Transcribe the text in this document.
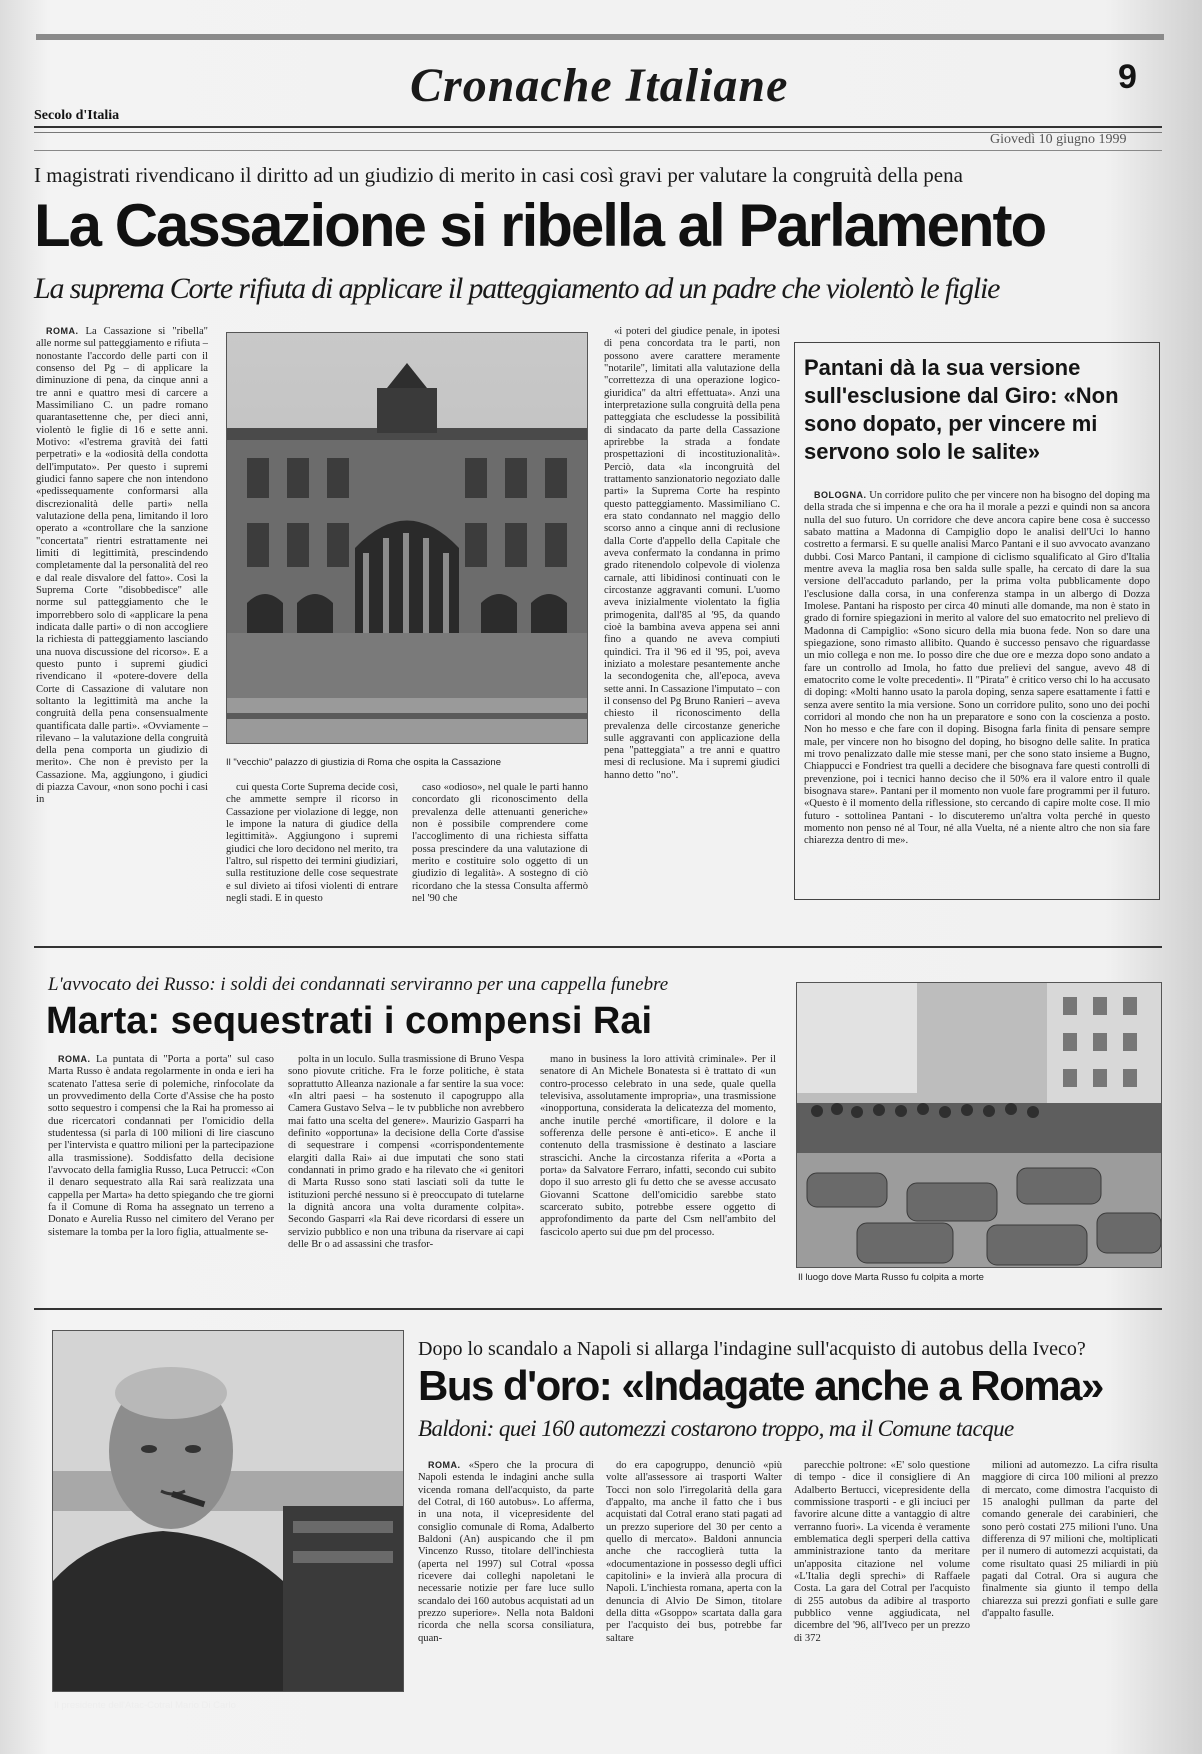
Cronache Italiane	9
Secolo d'Italia
Giovedì 10 giugno 1999
I magistrati rivendicano il diritto ad un giudizio di merito in casi così gravi per valutare la congruità della pena
La Cassazione si ribella al Parlamento
La suprema Corte rifiuta di applicare il patteggiamento ad un padre che violentò le figlie

ROMA. La Cassazione si "ribella" alle norme sul patteggiamento e rifiuta – nonostante l'accordo delle parti con il consenso del Pg – di applicare la diminuzione di pena, da cinque anni a tre anni e quattro mesi di carcere a Massimiliano C. un padre romano quarantasettenne che, per dieci anni, violentò le figlie di 16 e sette anni. Motivo: «l'estrema gravità dei fatti perpetrati» e la «odiosità della condotta dell'imputato». Per questo i supremi giudici fanno sapere che non intendono «pedissequamente conformarsi alla discrezionalità delle parti» nella valutazione della pena, limitando il loro operato a «controllare che la sanzione "concertata" rientri estrattamente nei limiti di legittimità, prescindendo completamente dal la personalità del reo e dal reale disvalore del fatto». Così la Suprema Corte "disobbedisce" alle norme sul patteggiamento che le imporrebbero solo di «applicare la pena indicata dalle parti» o di non accogliere la richiesta di patteggiamento lasciando una nuova discussione del ricorso». E a questo punto i supremi giudici rivendicano il «potere-dovere della Corte di Cassazione di valutare non soltanto la legittimità ma anche la congruità della pena consensualmente quantificata dalle parti». «Ovviamente – rilevano – la valutazione della congruità della pena comporta un giudizio di merito». Che non è previsto per la Cassazione. Ma, aggiungono, i giudici di piazza Cavour, «non sono pochi i casi in

Il "vecchio" palazzo di giustizia di Roma che ospita la Cassazione

cui questa Corte Suprema decide così, che ammette sempre il ricorso in Cassazione per violazione di legge, non le impone la natura di giudice della legittimità». Aggiungono i supremi giudici che loro decidono nel merito, tra l'altro, sul rispetto dei termini giudiziari, sulla restituzione delle cose sequestrate e sul divieto ai tifosi violenti di entrare negli stadi. E in questo

caso «odioso», nel quale le parti hanno concordato gli riconoscimento della prevalenza delle attenuanti generiche» non è possibile comprendere come l'accoglimento di una richiesta siffatta possa prescindere da una valutazione di merito e costituire solo oggetto di un giudizio di legalità». A sostegno di ciò ricordano che la stessa Consulta affermò nel '90 che

«i poteri del giudice penale, in ipotesi di pena concordata tra le parti, non possono avere carattere meramente "notarile", limitati alla valutazione della "correttezza di una operazione logico-giuridica" da altri effettuata». Anzi una interpretazione sulla congruità della pena patteggiata che escludesse la possibilità di sindacato da parte della Cassazione aprirebbe la strada a fondate prospettazioni di incostituzionalità». Perciò, data «la incongruità del trattamento sanzionatorio negoziato dalle parti» la Suprema Corte ha respinto questo patteggiamento. Massimiliano C. era stato condannato nel maggio dello scorso anno a cinque anni di reclusione dalla Corte d'appello della Capitale che aveva confermato la condanna in primo grado ritenendolo colpevole di violenza carnale, atti libidinosi continuati con le circostanze aggravanti comuni. L'uomo aveva inizialmente violentato la figlia primogenita, dall'85 al '95, da quando cioè la bambina aveva appena sei anni fino a quando ne aveva compiuti quindici. Tra il '96 ed il '95, poi, aveva iniziato a molestare pesantemente anche la secondogenita che, all'epoca, aveva sette anni. In Cassazione l'imputato – con il consenso del Pg Bruno Ranieri – aveva chiesto il riconoscimento della prevalenza delle circostanze generiche sulle aggravanti con applicazione della pena "patteggiata" a tre anni e quattro mesi di reclusione. Ma i supremi giudici hanno detto "no".

Pantani dà la sua versione sull'esclusione dal Giro: «Non sono dopato, per vincere mi servono solo le salite»

BOLOGNA. Un corridore pulito che per vincere non ha bisogno del doping ma della strada che si impenna e che ora ha il morale a pezzi e quindi non sa ancora nulla del suo futuro. Un corridore che deve ancora capire bene cosa è successo sabato mattina a Madonna di Campiglio dopo le analisi dell'Uci lo hanno costretto a fermarsi. E su quelle analisi Marco Pantani e il suo avvocato avanzano dubbi. Così Marco Pantani, il campione di ciclismo squalificato al Giro d'Italia mentre aveva la maglia rosa ben salda sulle spalle, ha cercato di dare la sua versione dell'accaduto parlando, per la prima volta pubblicamente dopo l'esclusione dalla corsa, in una conferenza stampa in un albergo di Dozza Imolese. Pantani ha risposto per circa 40 minuti alle domande, ma non è stato in grado di fornire spiegazioni in merito al valore del suo ematocrito nel prelievo di Madonna di Campiglio: «Sono sicuro della mia buona fede. Non so dare una spiegazione, sono rimasto allibito. Quando è successo pensavo che riguardasse un mio collega e non me. Io posso dire che due ore e mezza dopo sono andato a fare un controllo ad Imola, ho fatto due prelievi del sangue, avevo 48 di ematocrito come le volte precedenti». Il "Pirata" è critico verso chi lo ha accusato di doping: «Molti hanno usato la parola doping, senza sapere esattamente i fatti e senza avere sentito la mia versione. Sono un corridore pulito, sono uno dei pochi corridori al mondo che non ha un preparatore e sono con la coscienza a posto. Non ho messo e che fare con il doping. Bisogna farla finita di pensare sempre male, per vincere non ho bisogno del doping, ho bisogno delle salite. In pratica mi trovo penalizzato dalle mie stesse mani, per che sono stato insieme a Bugno, Chiappucci e Fondriest tra quelli a decidere che bisognava fare questi controlli di prevenzione, poi i tecnici hanno deciso che il 50% era il valore entro il quale bisognava stare». Pantani per il momento non vuole fare programmi per il futuro. «Questo è il momento della riflessione, sto cercando di capire molte cose. Il mio futuro - sottolinea Pantani - lo discuteremo un'altra volta perché in questo momento non penso né al Tour, né alla Vuelta, né a niente altro che non sia fare chiarezza dentro di me».

L'avvocato dei Russo: i soldi dei condannati serviranno per una cappella funebre
Marta: sequestrati i compensi Rai

ROMA. La puntata di "Porta a porta" sul caso Marta Russo è andata regolarmente in onda e ieri ha scatenato l'attesa serie di polemiche, rinfocolate da un provvedimento della Corte d'Assise che ha posto sotto sequestro i compensi che la Rai ha promesso ai due ricercatori condannati per l'omicidio della studentessa (si parla di 100 milioni di lire ciascuno per l'intervista e quattro milioni per la partecipazione alla trasmissione). Soddisfatto della decisione l'avvocato della famiglia Russo, Luca Petrucci: «Con il denaro sequestrato alla Rai sarà realizzata una cappella per Marta» ha detto spiegando che tre giorni fa il Comune di Roma ha assegnato un terreno a Donato e Aurelia Russo nel cimitero del Verano per sistemare la tomba per la loro figlia, attualmente se-

polta in un loculo. Sulla trasmissione di Bruno Vespa sono piovute critiche. Fra le forze politiche, è stata soprattutto Alleanza nazionale a far sentire la sua voce: «In altri paesi – ha sostenuto il capogruppo alla Camera Gustavo Selva – le tv pubbliche non avrebbero mai fatto una scelta del genere». Maurizio Gasparri ha definito «opportuna» la decisione della Corte d'assise di sequestrare i compensi «corrispondentemente elargiti dalla Rai» ai due imputati che sono stati condannati in primo grado e ha rilevato che «i genitori di Marta Russo sono stati lasciati soli da tutte le istituzioni perché nessuno si è preoccupato di tutelarne la dignità ancora una volta duramente colpita». Secondo Gasparri «la Rai deve ricordarsi di essere un servizio pubblico e non una tribuna da riservare ai capi delle Br o ad assassini che trasfor-

mano in business la loro attività criminale». Per il senatore di An Michele Bonatesta si è trattato di «un contro-processo celebrato in una sede, quale quella televisiva, assolutamente impropria», una trasmissione «inopportuna, considerata la delicatezza del momento, anche inutile perché «mortificare, il dolore e la sofferenza delle persone è anti-etico». E anche il contenuto della trasmissione è destinato a lasciare strascichi. Anche la circostanza riferita a «Porta a porta» da Salvatore Ferraro, infatti, secondo cui subito dopo il suo arresto gli fu detto che se avesse accusato Giovanni Scattone dell'omicidio sarebbe stato scarcerato subito, potrebbe essere oggetto di approfondimento da parte del Csm nell'ambito del fascicolo aperto sui due pm del processo.

Il luogo dove Marta Russo fu colpita a morte
Il presidente dell'Atac-Cotral Mario Di Carlo
Dopo lo scandalo a Napoli si allarga l'indagine sull'acquisto di autobus della Iveco?
Bus d'oro: «Indagate anche a Roma»
Baldoni: quei 160 automezzi costarono troppo, ma il Comune tacque

ROMA. «Spero che la procura di Napoli estenda le indagini anche sulla vicenda romana dell'acquisto, da parte del Cotral, di 160 autobus». Lo afferma, in una nota, il vicepresidente del consiglio comunale di Roma, Adalberto Baldoni (An) auspicando che il pm Vincenzo Russo, titolare dell'inchiesta (aperta nel 1997) sul Cotral «possa ricevere dai colleghi napoletani le necessarie notizie per fare luce sullo scandalo dei 160 autobus acquistati ad un prezzo superiore». Nella nota Baldoni ricorda che nella scorsa consiliatura, quan-

do era capogruppo, denunciò «più volte all'assessore ai trasporti Walter Tocci non solo l'irregolarità della gara d'appalto, ma anche il fatto che i bus acquistati dal Cotral erano stati pagati ad un prezzo superiore del 30 per cento a quello di mercato». Baldoni annuncia anche che raccoglierà tutta la «documentazione in possesso degli uffici capitolini» e la invierà alla procura di Napoli. L'inchiesta romana, aperta con la denuncia di Alvio De Simon, titolare della ditta «Gsoppo» scartata dalla gara per l'acquisto dei bus, potrebbe far saltare

parecchie poltrone: «E' solo questione di tempo - dice il consigliere di An Adalberto Bertucci, vicepresidente della commissione trasporti - e gli inciuci per favorire alcune ditte a vantaggio di altre verranno fuori». La vicenda è veramente emblematica degli sperperi della cattiva amministrazione tanto da meritare un'apposita citazione nel volume «L'Italia degli sprechi» di Raffaele Costa. La gara del Cotral per l'acquisto di 255 autobus da adibire al trasporto pubblico venne aggiudicata, nel dicembre del '96, all'Iveco per un prezzo di 372

milioni ad automezzo. La cifra risulta maggiore di circa 100 milioni al prezzo di mercato, come dimostra l'acquisto di 15 analoghi pullman da parte del comando generale dei carabinieri, che sono però costati 275 milioni l'uno. Una differenza di 97 milioni che, moltiplicati per il numero di automezzi acquistati, da come risultato quasi 25 miliardi in più pagati dal Cotral. Ora si augura che finalmente sia giunto il tempo della chiarezza sui prezzi gonfiati e sulle gare d'appalto fasulle.
